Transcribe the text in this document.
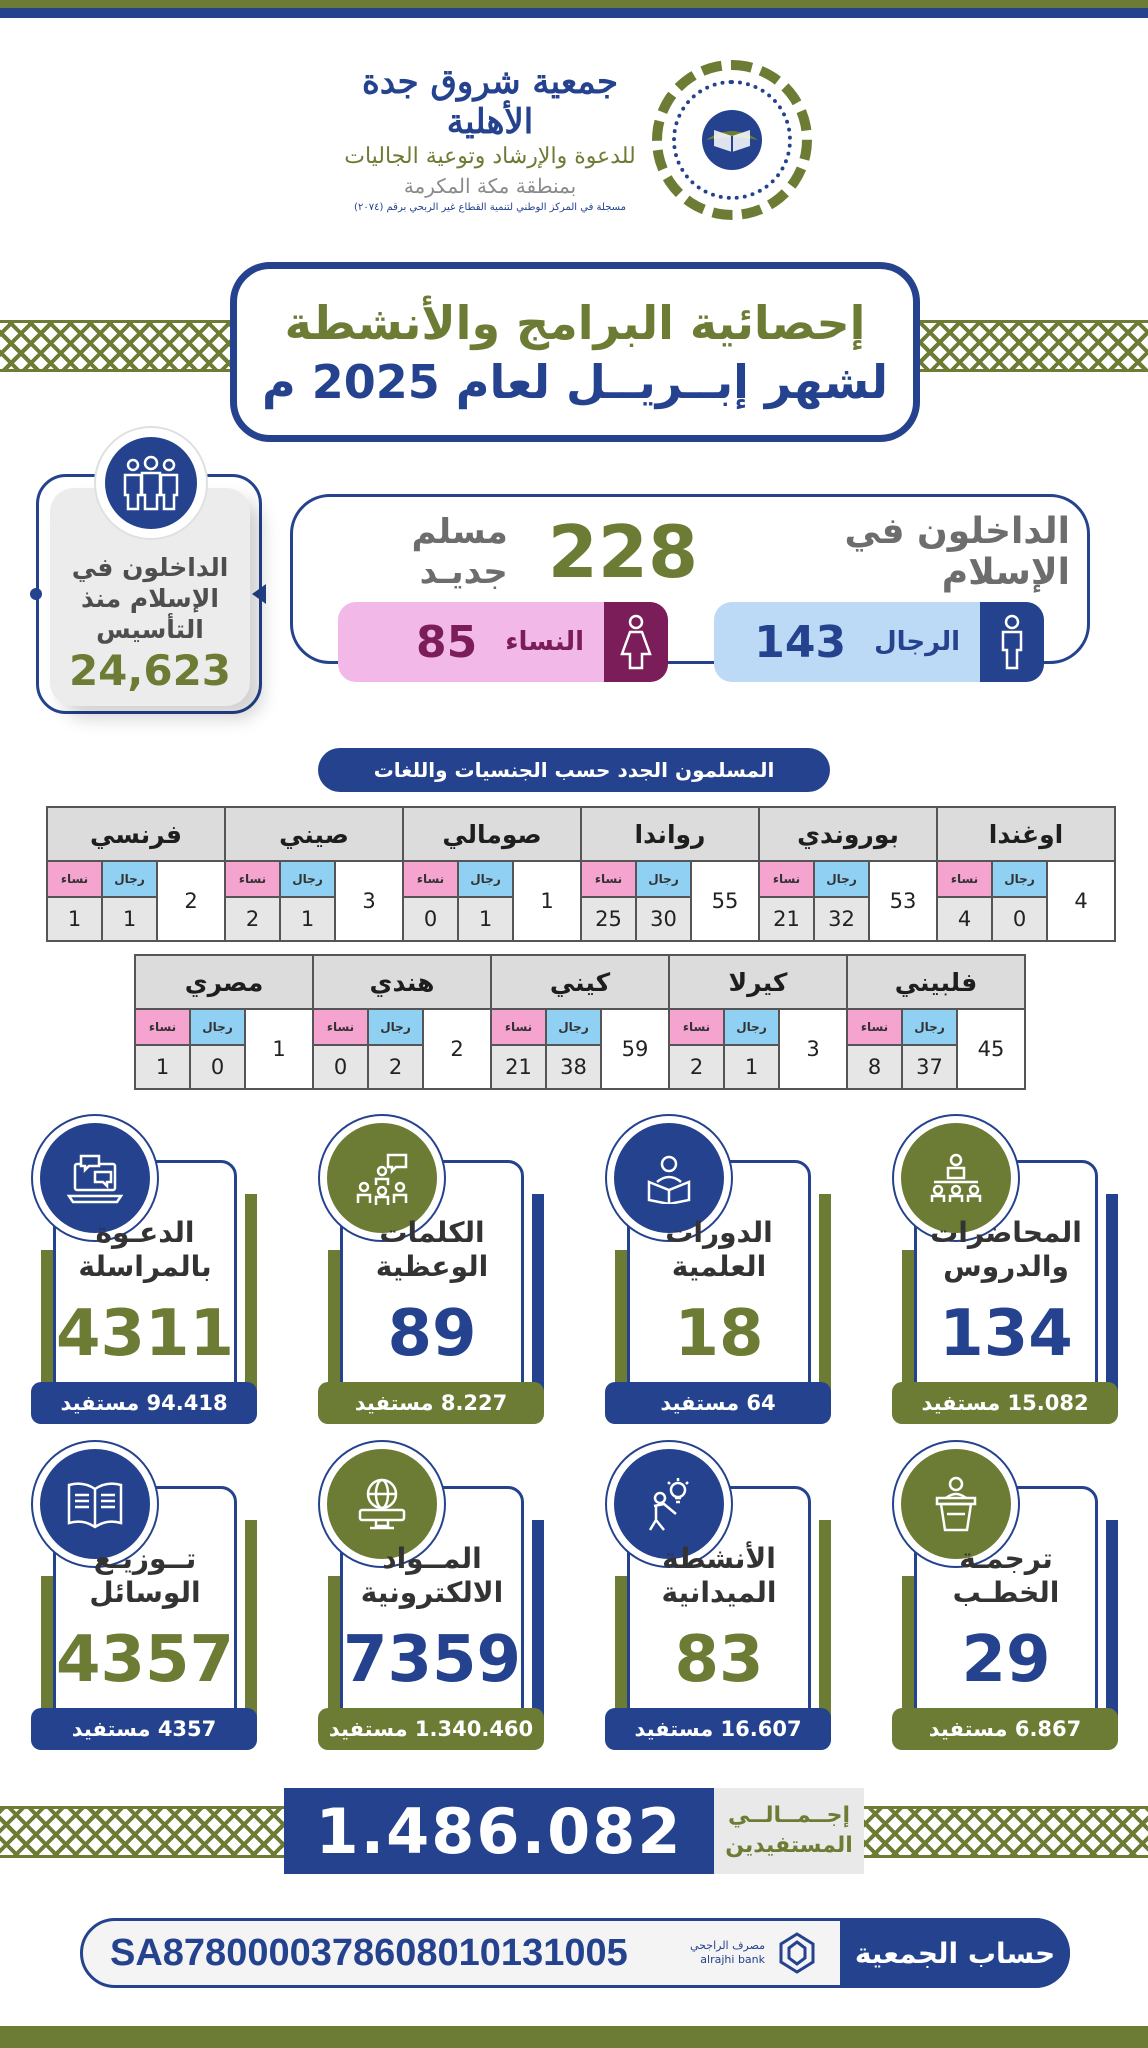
جمعية شروق جدة الأهلية
للدعوة والإرشاد وتوعية الجاليات
بمنطقة مكة المكرمة
مسجلة في المركز الوطني لتنمية القطاع غير الربحي برقم (٢٠٧٤)
إحصائية البرامج والأنشطة
لشهر إبــريــل لعام 2025 م
الداخلون في الإسلام
228
مسلم جديـد
الرجال
143
النساء
85
الداخلون في الإسلام منذ التأسيس
24,623
المسلمون الجدد حسب الجنسيات واللغات
اوغندا
4
رجال
0
نساء
4
بوروندي
53
رجال
32
نساء
21
رواندا
55
رجال
30
نساء
25
صومالي
1
رجال
1
نساء
0
صيني
3
رجال
1
نساء
2
فرنسي
2
رجال
1
نساء
1
فلبيني
45
رجال
37
نساء
8
كيرلا
3
رجال
1
نساء
2
كيني
59
رجال
38
نساء
21
هندي
2
رجال
2
نساء
0
مصري
1
رجال
0
نساء
1
المحاضرات والدروس
134
15.082 مستفيد
الدورات العلمية
18
64 مستفيد
الكلمات الوعظية
89
8.227 مستفيد
الدعـوة بالمراسلة
4311
94.418 مستفيد
ترجمـة الخطـب
29
6.867 مستفيد
الأنشطة الميدانية
83
16.607 مستفيد
المــواد الالكترونية
7359
1.340.460 مستفيد
تــوزيـع الوسائل
4357
4357 مستفيد
1.486.082	إجــمــالــي
المستفيدين
حساب الجمعية
مصرف الراجحي
alrajhi bank
SA8780000378608010131005
